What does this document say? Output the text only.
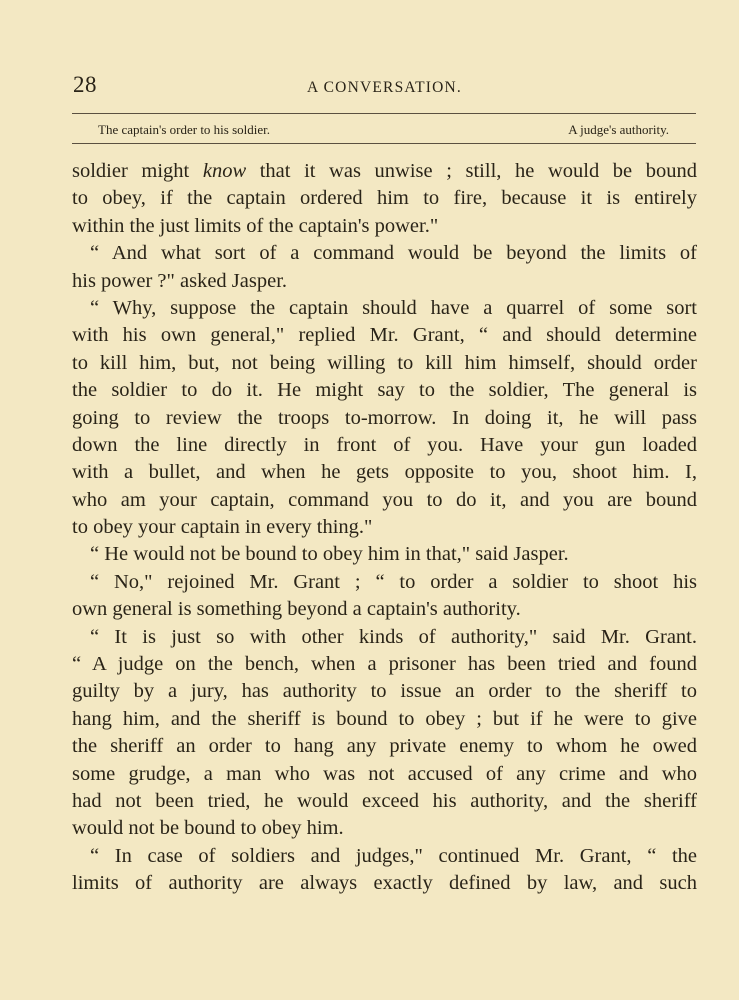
28	A CONVERSATION.
The captain's order to his soldier.	A judge's authority.
soldier might know that it was unwise ; still, he would be bound
to obey, if the captain ordered him to fire, because it is entirely
within the just limits of the captain's power."
“ And what sort of a command would be beyond the limits of
his power ?" asked Jasper.
“ Why, suppose the captain should have a quarrel of some sort
with his own general," replied Mr. Grant, “ and should determine
to kill him, but, not being willing to kill him himself, should order
the soldier to do it. He might say to the soldier, The general is
going to review the troops to-morrow. In doing it, he will pass
down the line directly in front of you. Have your gun loaded
with a bullet, and when he gets opposite to you, shoot him. I,
who am your captain, command you to do it, and you are bound
to obey your captain in every thing."
“ He would not be bound to obey him in that," said Jasper.
“ No," rejoined Mr. Grant ; “ to order a soldier to shoot his
own general is something beyond a captain's authority.
“ It is just so with other kinds of authority," said Mr. Grant.
“ A judge on the bench, when a prisoner has been tried and found
guilty by a jury, has authority to issue an order to the sheriff to
hang him, and the sheriff is bound to obey ; but if he were to give
the sheriff an order to hang any private enemy to whom he owed
some grudge, a man who was not accused of any crime and who
had not been tried, he would exceed his authority, and the sheriff
would not be bound to obey him.
“ In case of soldiers and judges," continued Mr. Grant, “ the
limits of authority are always exactly defined by law, and such
